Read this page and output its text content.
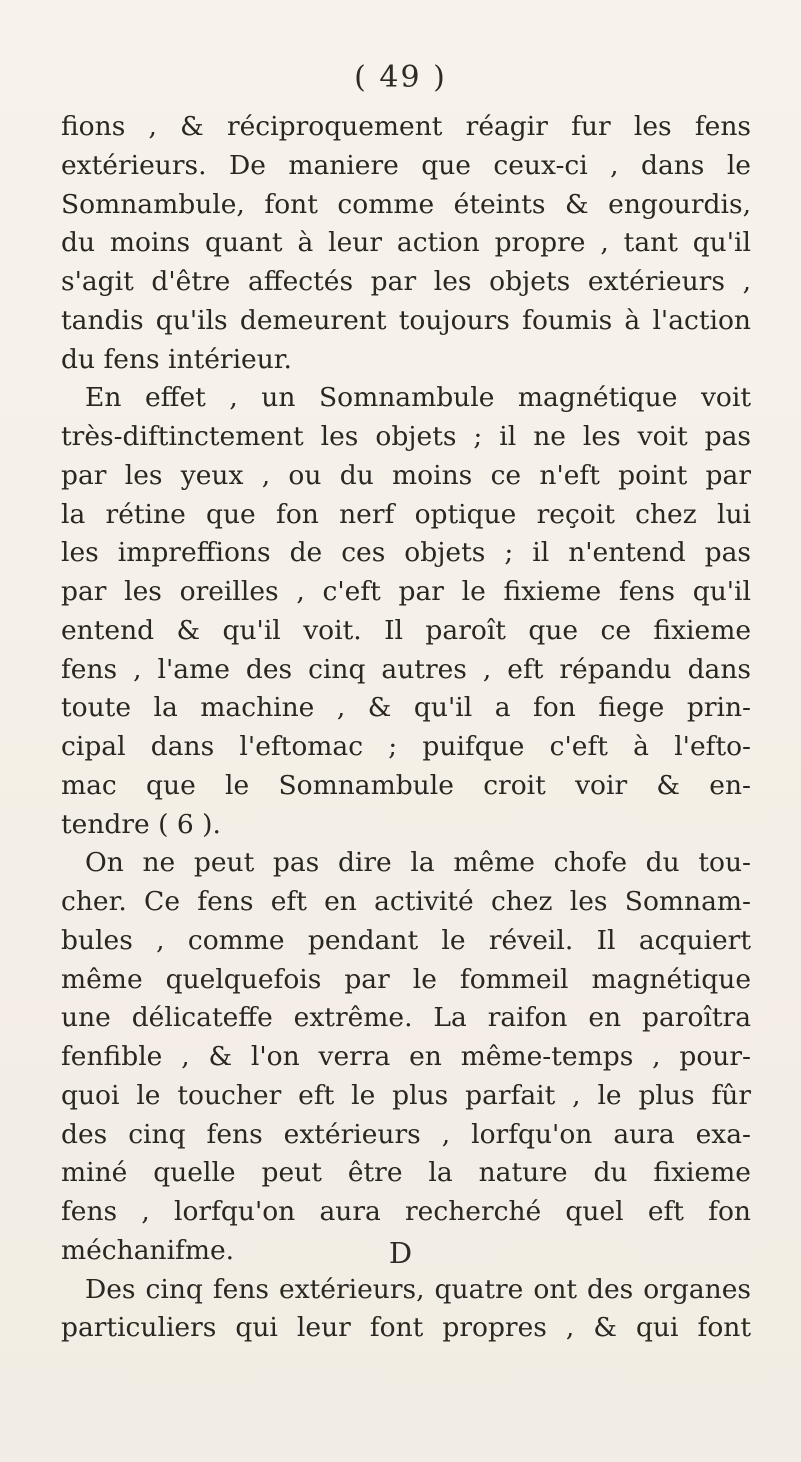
( 49 )
fions , & réciproquement réagir fur les fens
extérieurs. De maniere que ceux-ci , dans le
Somnambule, font comme éteints & engourdis,
du moins quant à leur action propre , tant qu'il
s'agit d'être affectés par les objets extérieurs ,
tandis qu'ils demeurent toujours foumis à l'action
du fens intérieur.
En effet , un Somnambule magnétique voit
très-diftinctement les objets ; il ne les voit pas
par les yeux , ou du moins ce n'eft point par
la rétine que fon nerf optique reçoit chez lui
les impreffions de ces objets ; il n'entend pas
par les oreilles , c'eft par le fixieme fens qu'il
entend & qu'il voit. Il paroît que ce fixieme
fens , l'ame des cinq autres , eft répandu dans
toute la machine , & qu'il a fon fiege prin-
cipal dans l'eftomac ; puifque c'eft à l'efto-
mac que le Somnambule croit voir & en-
tendre ( 6 ).
On ne peut pas dire la même chofe du tou-
cher. Ce fens eft en activité chez les Somnam-
bules , comme pendant le réveil. Il acquiert
même quelquefois par le fommeil magnétique
une délicateffe extrême. La raifon en paroîtra
fenfible , & l'on verra en même-temps , pour-
quoi le toucher eft le plus parfait , le plus fûr
des cinq fens extérieurs , lorfqu'on aura exa-
miné quelle peut être la nature du fixieme
fens , lorfqu'on aura recherché quel eft fon
méchanifme.
Des cinq fens extérieurs, quatre ont des organes
particuliers qui leur font propres , & qui font
D
